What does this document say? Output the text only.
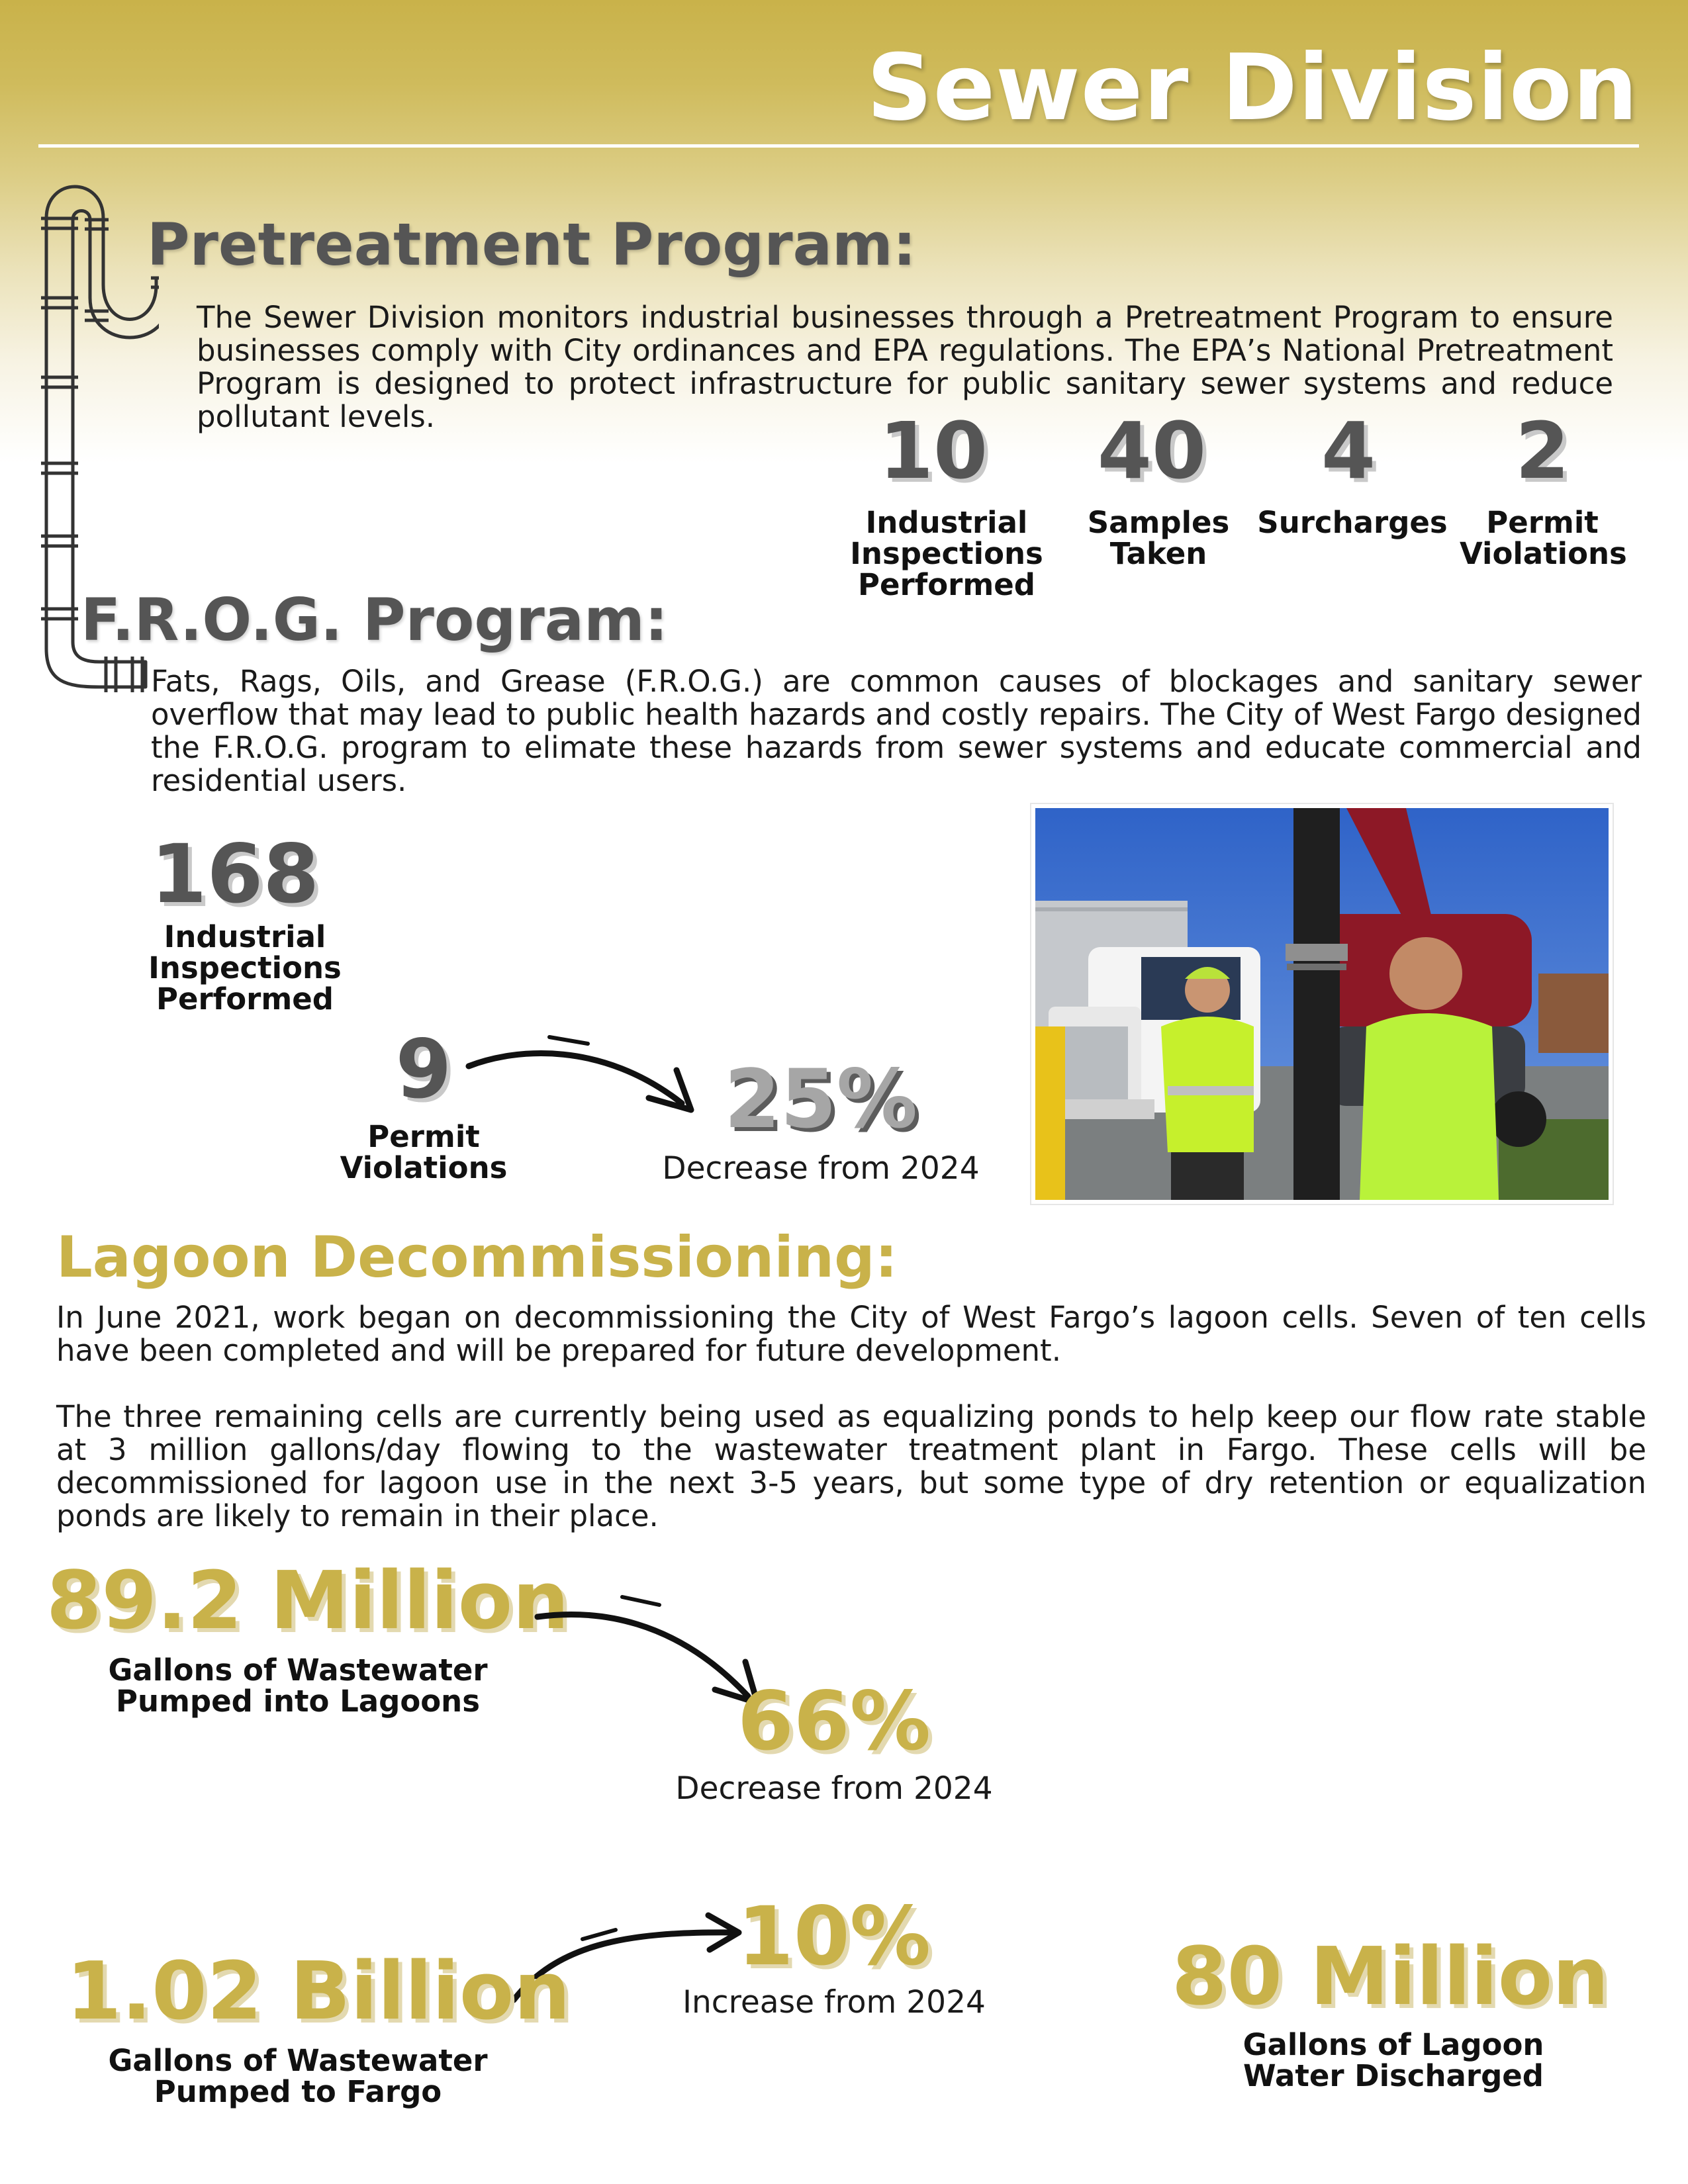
Sewer Division
Pretreatment Program:
The Sewer Division monitors industrial businesses through a Pretreatment Program to ensure businesses comply with City ordinances and EPA regulations. The EPA’s National Pretreatment Program is designed to protect infrastructure for public sanitary sewer systems and reduce pollutant levels.	10
Industrial Inspections Performed
40
Samples Taken
4
Surcharges
2
Permit Violations
F.R.O.G. Program:
Fats, Rags, Oils, and Grease (F.R.O.G.) are common causes of blockages and sanitary sewer overflow that may lead to public health hazards and costly repairs. The City of West Fargo designed the F.R.O.G. program to elimate these hazards from sewer systems and educate commercial and residential users.
168
Industrial Inspections Performed
9
Permit Violations
25%
Decrease from 2024
Lagoon Decommissioning:
In June 2021, work began on decommissioning the City of West Fargo’s lagoon cells. Seven of ten cells have been completed and will be prepared for future development.
The three remaining cells are currently being used as equalizing ponds to help keep our flow rate stable at 3 million gallons/day flowing to the wastewater treatment plant in Fargo. These cells will be decommissioned for lagoon use in the next 3-5 years, but some type of dry retention or equalization ponds are likely to remain in their place.
89.2 Million
Gallons of Wastewater Pumped into Lagoons	66%
Decrease from 2024
10%
Increase from 2024
1.02 Billion
Gallons of Wastewater Pumped to Fargo
80 Million
Gallons of Lagoon Water Discharged
